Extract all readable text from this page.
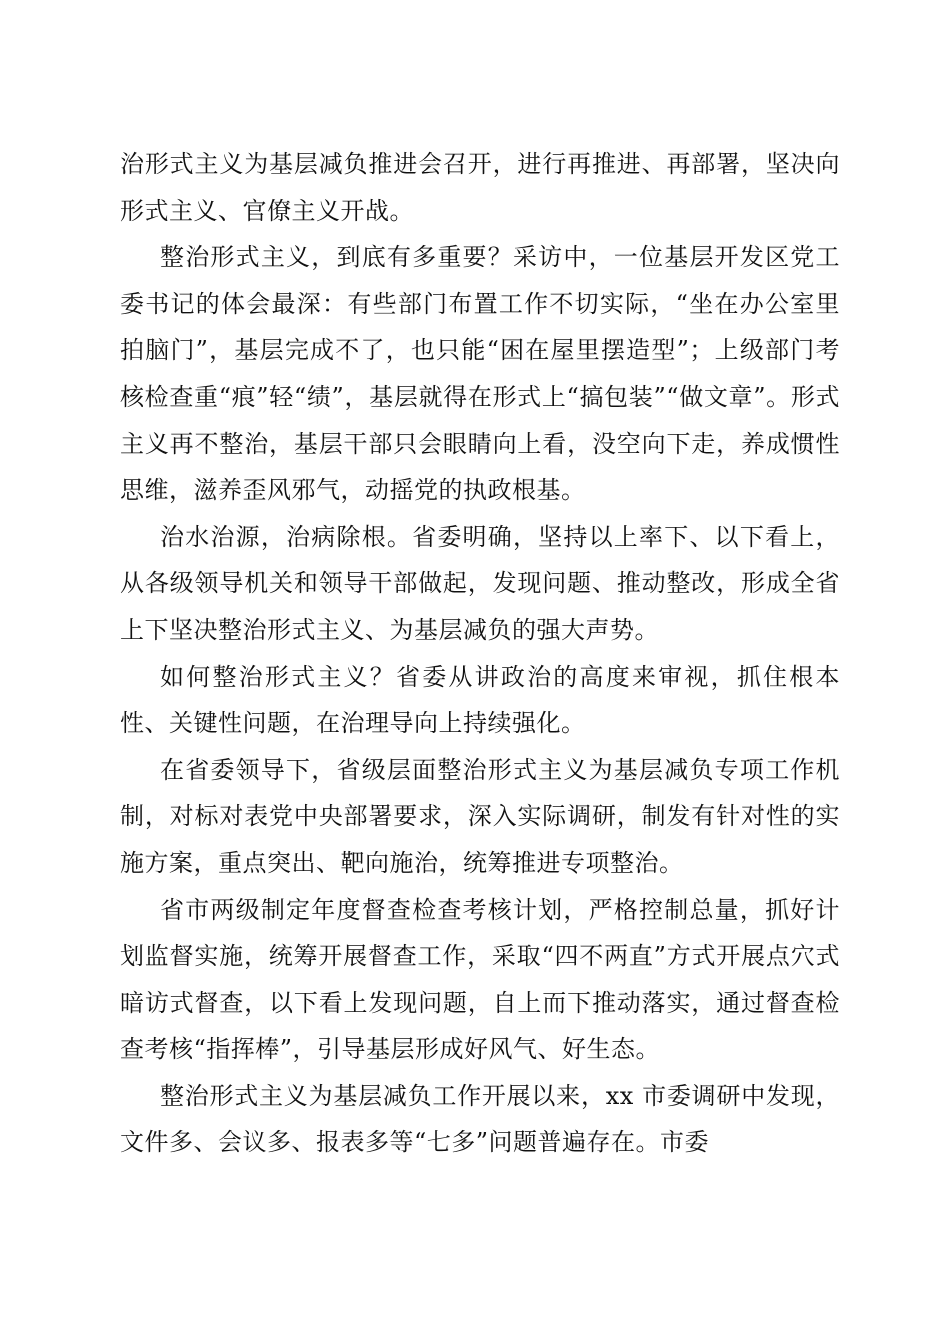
治形式主义为基层减负推进会召开，进行再推进、再部署，坚决向形式主义、官僚主义开战。

整治形式主义，到底有多重要？采访中，一位基层开发区党工委书记的体会最深：有些部门布置工作不切实际，“坐在办公室里拍脑门”，基层完成不了，也只能“困在屋里摆造型”；上级部门考核检查重“痕”轻“绩”，基层就得在形式上“搞包装”“做文章”。形式主义再不整治，基层干部只会眼睛向上看，没空向下走，养成惯性思维，滋养歪风邪气，动摇党的执政根基。

治水治源，治病除根。省委明确，坚持以上率下、以下看上，从各级领导机关和领导干部做起，发现问题、推动整改，形成全省上下坚决整治形式主义、为基层减负的强大声势。

如何整治形式主义？省委从讲政治的高度来审视，抓住根本性、关键性问题，在治理导向上持续强化。

在省委领导下，省级层面整治形式主义为基层减负专项工作机制，对标对表党中央部署要求，深入实际调研，制发有针对性的实施方案，重点突出、靶向施治，统筹推进专项整治。

省市两级制定年度督查检查考核计划，严格控制总量，抓好计划监督实施，统筹开展督查工作，采取“四不两直”方式开展点穴式暗访式督查，以下看上发现问题，自上而下推动落实，通过督查检查考核“指挥棒”，引导基层形成好风气、好生态。

整治形式主义为基层减负工作开展以来，xx 市委调研中发现，文件多、会议多、报表多等“七多”问题普遍存在。市委
